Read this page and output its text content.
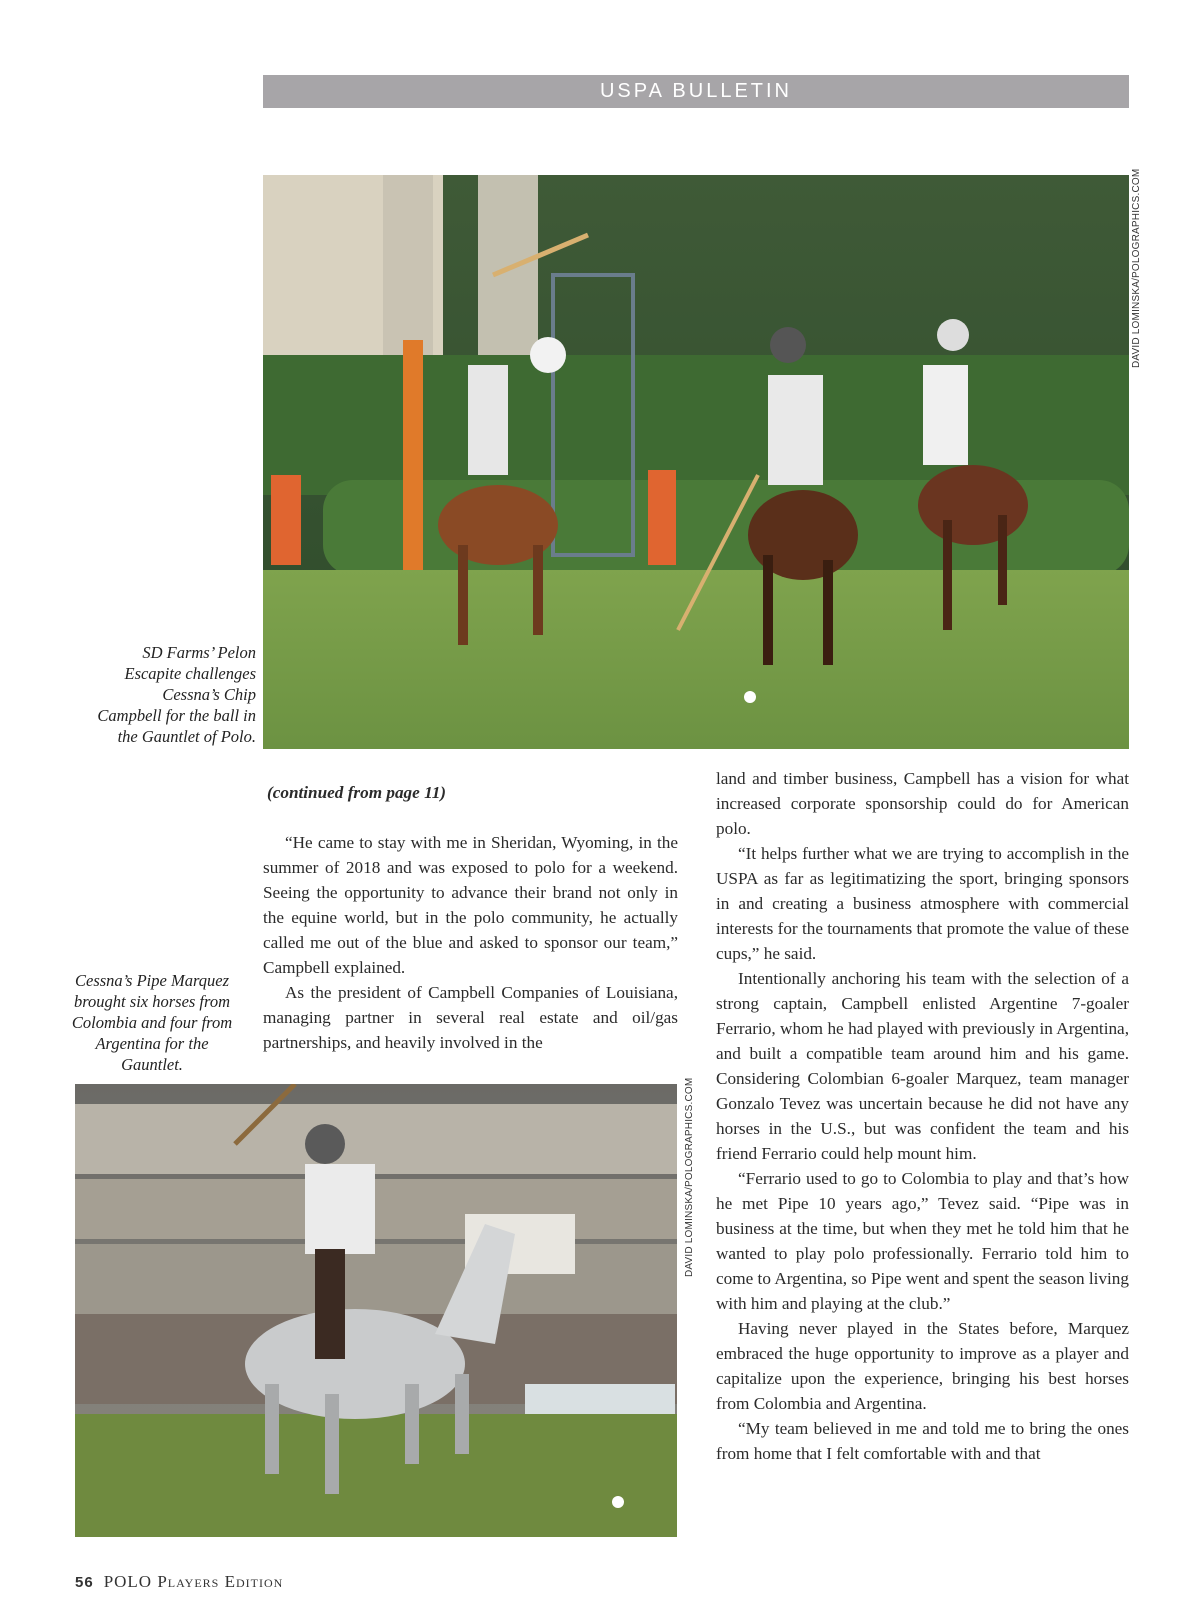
USPA BULLETIN
DAVID LOMINSKA/POLOGRAPHICS.COM
SD Farms’ Pelon Escapite challenges Cessna’s Chip Campbell for the ball in the Gauntlet of Polo.
Cessna’s Pipe Marquez brought six horses from Colombia and four from Argentina for the Gauntlet.

(continued from page 11)

“He came to stay with me in Sheridan, Wyoming, in the summer of 2018 and was exposed to polo for a weekend. Seeing the opportunity to advance their brand not only in the equine world, but in the polo community, he actually called me out of the blue and asked to sponsor our team,” Campbell explained.

As the president of Campbell Companies of Louisiana, managing partner in several real estate and oil/gas partnerships, and heavily involved in the

land and timber business, Campbell has a vision for what increased corporate sponsorship could do for American polo.

“It helps further what we are trying to accomplish in the USPA as far as legitimatizing the sport, bringing sponsors in and creating a business atmosphere with commercial interests for the tournaments that promote the value of these cups,” he said.

Intentionally anchoring his team with the selection of a strong captain, Campbell enlisted Argentine 7-goaler Ferrario, whom he had played with previously in Argentina, and built a compatible team around him and his game. Considering Colombian 6-goaler Marquez, team manager Gonzalo Tevez was uncertain because he did not have any horses in the U.S., but was confident the team and his friend Ferrario could help mount him.

“Ferrario used to go to Colombia to play and that’s how he met Pipe 10 years ago,” Tevez said. “Pipe was in business at the time, but when they met he told him that he wanted to play polo professionally. Ferrario told him to come to Argentina, so Pipe went and spent the season living with him and playing at the club.”

Having never played in the States before, Marquez embraced the huge opportunity to improve as a player and capitalize upon the experience, bringing his best horses from Colombia and Argentina.

“My team believed in me and told me to bring the ones from home that I felt comfortable with and that

DAVID LOMINSKA/POLOGRAPHICS.COM
56 POLO Players Edition
